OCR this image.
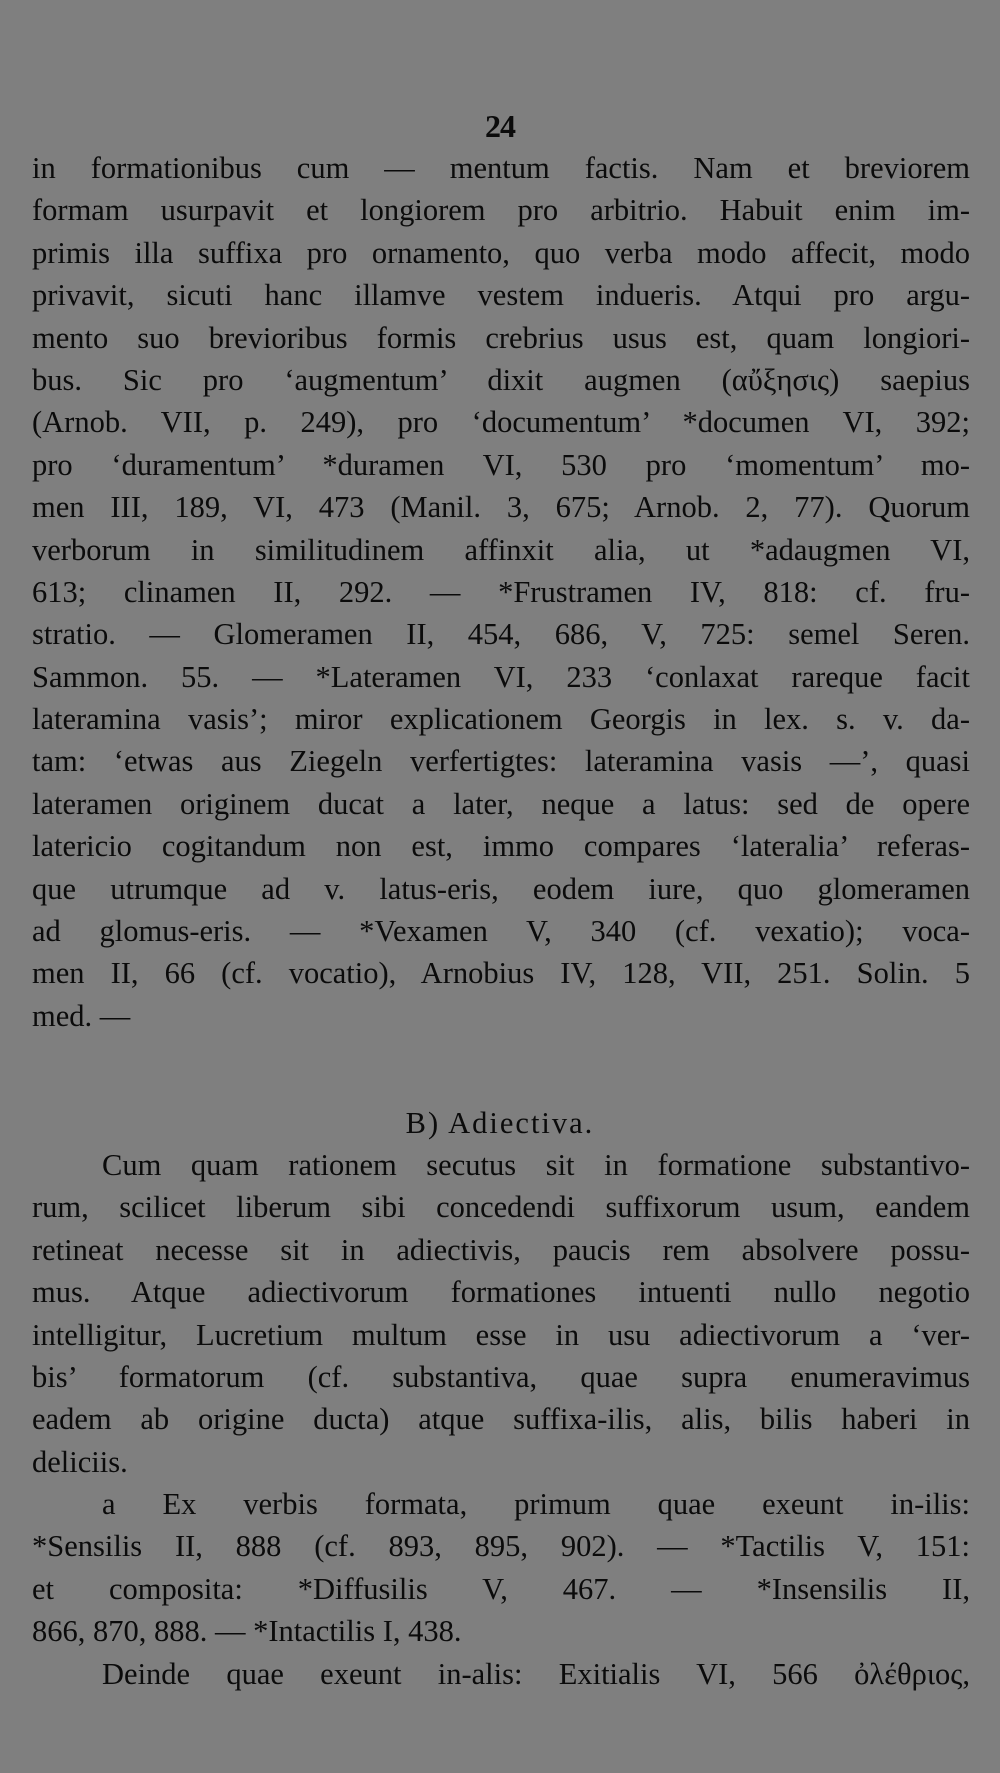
24
in formationibus cum — mentum factis. Nam et breviorem
formam usurpavit et longiorem pro arbitrio. Habuit enim im-
primis illa suffixa pro ornamento, quo verba modo affecit, modo
privavit, sicuti hanc illamve vestem indueris. Atqui pro argu-
mento suo brevioribus formis crebrius usus est, quam longiori-
bus. Sic pro ‘augmentum’ dixit augmen (αὔξησις) saepius
(Arnob. VII, p. 249), pro ‘documentum’ *documen VI, 392;
pro ‘duramentum’ *duramen VI, 530 pro ‘momentum’ mo-
men III, 189, VI, 473 (Manil. 3, 675; Arnob. 2, 77). Quorum
verborum in similitudinem affinxit alia, ut *adaugmen VI,
613; clinamen II, 292. — *Frustramen IV, 818: cf. fru-
stratio. — Glomeramen II, 454, 686, V, 725: semel Seren.
Sammon. 55. — *Lateramen VI, 233 ‘conlaxat rareque facit
lateramina vasis’; miror explicationem Georgis in lex. s. v. da-
tam: ‘etwas aus Ziegeln verfertigtes: lateramina vasis —’, quasi
lateramen originem ducat a later, neque a latus: sed de opere
latericio cogitandum non est, immo compares ‘lateralia’ referas-
que utrumque ad v. latus-eris, eodem iure, quo glomeramen
ad glomus-eris. — *Vexamen V, 340 (cf. vexatio); voca-
men II, 66 (cf. vocatio), Arnobius IV, 128, VII, 251. Solin. 5
med. —
B) Adiectiva.
Cum quam rationem secutus sit in formatione substantivo-
rum, scilicet liberum sibi concedendi suffixorum usum, eandem
retineat necesse sit in adiectivis, paucis rem absolvere possu-
mus. Atque adiectivorum formationes intuenti nullo negotio
intelligitur, Lucretium multum esse in usu adiectivorum a ‘ver-
bis’ formatorum (cf. substantiva, quae supra enumeravimus
eadem ab origine ducta) atque suffixa-ilis, alis, bilis haberi in
deliciis.
a Ex verbis formata, primum quae exeunt in-ilis:
*Sensilis II, 888 (cf. 893, 895, 902). — *Tactilis V, 151:
et composita: *Diffusilis V, 467. — *Insensilis II,
866, 870, 888. — *Intactilis I, 438.
Deinde quae exeunt in-alis: Exitialis VI, 566 ὀλέθριος,
